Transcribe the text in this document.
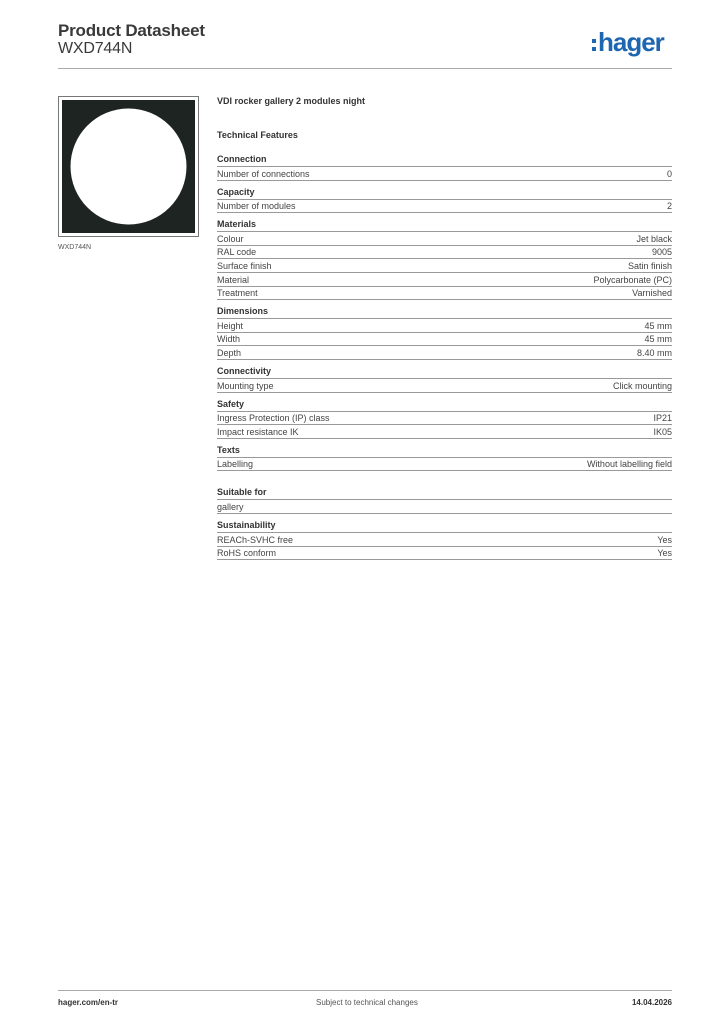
Product Datasheet
WXD744N	hager
WXD744N
VDI rocker gallery 2 modules night
Technical Features
Connection
Number of connections	0
Capacity
Number of modules	2
Materials
Colour	Jet black
RAL code	9005
Surface finish	Satin finish
Material	Polycarbonate (PC)
Treatment	Varnished
Dimensions
Height	45 mm
Width	45 mm
Depth	8.40 mm
Connectivity
Mounting type	Click mounting
Safety
Ingress Protection (IP) class	IP21
Impact resistance IK	IK05
Texts
Labelling	Without labelling field
Suitable for
gallery
Sustainability
REACh-SVHC free	Yes
RoHS conform	Yes
hager.com/en-tr	Subject to technical changes	14.04.2026
